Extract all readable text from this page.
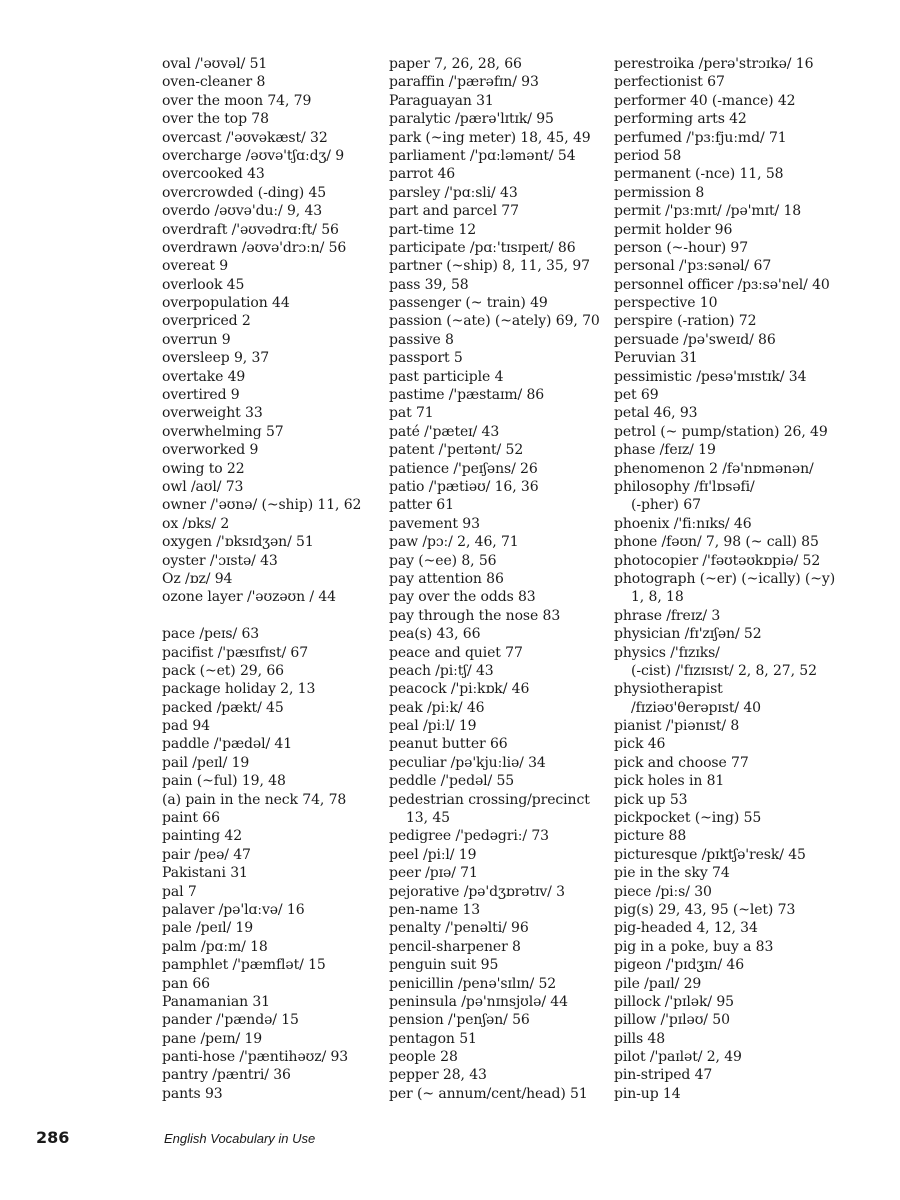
oval /'əʊvəl/ 51
oven-cleaner 8
over the moon 74, 79
over the top 78
overcast /'əʊvəkæst/ 32
overcharge /əʊvə'tʃɑːdʒ/ 9
overcooked 43
overcrowded (-ding) 45
overdo /əʊvə'duː/ 9, 43
overdraft /'əʊvədrɑːft/ 56
overdrawn /əʊvə'drɔːn/ 56
overeat 9
overlook 45
overpopulation 44
overpriced 2
overrun 9
oversleep 9, 37
overtake 49
overtired 9
overweight 33
overwhelming 57
overworked 9
owing to 22
owl /aʊl/ 73
owner /'əʊnə/ (~ship) 11, 62
ox /ɒks/ 2
oxygen /'ɒksɪdʒən/ 51
oyster /'ɔɪstə/ 43
Oz /ɒz/ 94
ozone layer /'əʊzəʊn / 44
pace /peɪs/ 63
pacifist /'pæsɪfɪst/ 67
pack (~et) 29, 66
package holiday 2, 13
packed /pækt/ 45
pad 94
paddle /'pædəl/ 41
pail /peɪl/ 19
pain (~ful) 19, 48
(a) pain in the neck 74, 78
paint 66
painting 42
pair /peə/ 47
Pakistani 31
pal 7
palaver /pə'lɑːvə/ 16
pale /peɪl/ 19
palm /pɑːm/ 18
pamphlet /'pæmflət/ 15
pan 66
Panamanian 31
pander /'pændə/ 15
pane /peɪn/ 19
panti-hose /'pæntihəʊz/ 93
pantry /pæntri/ 36
pants 93
paper 7, 26, 28, 66
paraffin /'pærəfɪn/ 93
Paraguayan 31
paralytic /pærə'lɪtɪk/ 95
park (~ing meter) 18, 45, 49
parliament /'pɑːləmənt/ 54
parrot 46
parsley /'pɑːsli/ 43
part and parcel 77
part-time 12
participate /pɑː'tɪsɪpeɪt/ 86
partner (~ship) 8, 11, 35, 97
pass 39, 58
passenger (~ train) 49
passion (~ate) (~ately) 69, 70
passive 8
passport 5
past participle 4
pastime /'pæstaɪm/ 86
pat 71
paté /'pæteɪ/ 43
patent /'peɪtənt/ 52
patience /'peɪʃəns/ 26
patio /'pætiəʊ/ 16, 36
patter 61
pavement 93
paw /pɔː/ 2, 46, 71
pay (~ee) 8, 56
pay attention 86
pay over the odds 83
pay through the nose 83
pea(s) 43, 66
peace and quiet 77
peach /piːtʃ/ 43
peacock /'piːkɒk/ 46
peak /piːk/ 46
peal /piːl/ 19
peanut butter 66
peculiar /pə'kjuːliə/ 34
peddle /'pedəl/ 55
pedestrian crossing/precinct
13, 45
pedigree /'pedəgriː/ 73
peel /piːl/ 19
peer /pɪə/ 71
pejorative /pə'dʒɒrətɪv/ 3
pen-name 13
penalty /'penəlti/ 96
pencil-sharpener 8
penguin suit 95
penicillin /penə'sɪlɪn/ 52
peninsula /pə'nɪnsjʊlə/ 44
pension /'penʃən/ 56
pentagon 51
people 28
pepper 28, 43
per (~ annum/cent/head) 51
perestroika /perə'strɔɪkə/ 16
perfectionist 67
performer 40 (-mance) 42
performing arts 42
perfumed /'pɜːfjuːmd/ 71
period 58
permanent (-nce) 11, 58
permission 8
permit /'pɜːmɪt/ /pə'mɪt/ 18
permit holder 96
person (~-hour) 97
personal /'pɜːsənəl/ 67
personnel officer /pɜːsə'nel/ 40
perspective 10
perspire (-ration) 72
persuade /pə'sweɪd/ 86
Peruvian 31
pessimistic /pesə'mɪstɪk/ 34
pet 69
petal 46, 93
petrol (~ pump/station) 26, 49
phase /feɪz/ 19
phenomenon 2 /fə'nɒmənən/
philosophy /fɪ'lɒsəfi/
(-pher) 67
phoenix /'fiːnɪks/ 46
phone /fəʊn/ 7, 98 (~ call) 85
photocopier /'fəʊtəʊkɒpiə/ 52
photograph (~er) (~ically) (~y)
1, 8, 18
phrase /freɪz/ 3
physician /fɪ'zɪʃən/ 52
physics /'fɪzɪks/
(-cist) /'fɪzɪsɪst/ 2, 8, 27, 52
physiotherapist
/fɪziəʊ'θerəpɪst/ 40
pianist /'piənɪst/ 8
pick 46
pick and choose 77
pick holes in 81
pick up 53
pickpocket (~ing) 55
picture 88
picturesque /pɪktʃə'resk/ 45
pie in the sky 74
piece /piːs/ 30
pig(s) 29, 43, 95 (~let) 73
pig-headed 4, 12, 34
pig in a poke, buy a 83
pigeon /'pɪdʒɪn/ 46
pile /paɪl/ 29
pillock /'pɪlək/ 95
pillow /'pɪləʊ/ 50
pills 48
pilot /'paɪlət/ 2, 49
pin-striped 47
pin-up 14
286	English Vocabulary in Use
